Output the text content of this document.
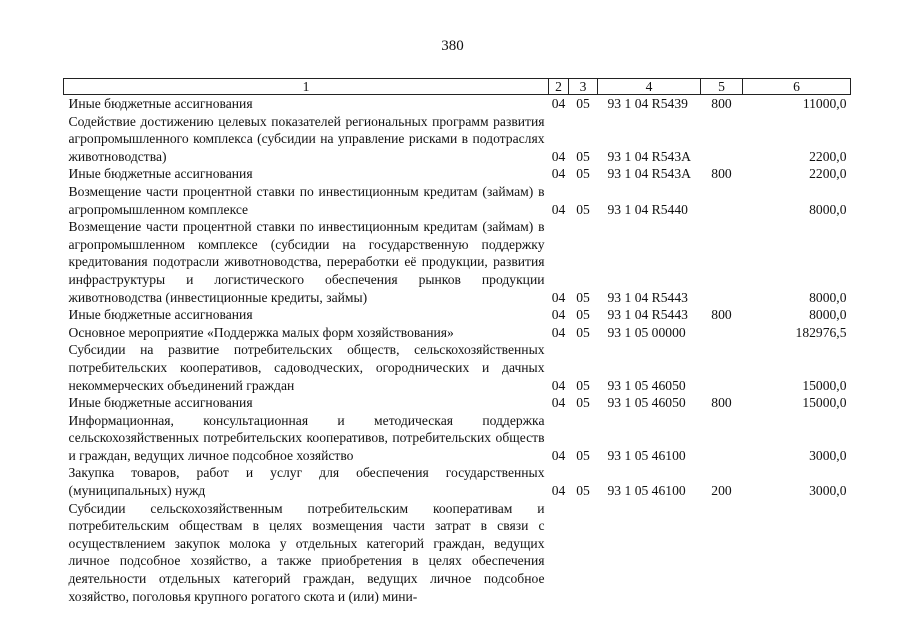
380
1	2	3	4	5	6
Иные бюджетные ассигнования	04	05	93 1 04 R5439	800	11000,0
Содействие достижению целевых показателей региональных программ развития агропромышленного комплекса (субсидии на управление рисками в подотраслях животноводства)	04	05	93 1 04 R543A		2200,0
Иные бюджетные ассигнования	04	05	93 1 04 R543A	800	2200,0
Возмещение части процентной ставки по инвестиционным кредитам (займам) в агропромышленном комплексе	04	05	93 1 04 R5440		8000,0
Возмещение части процентной ставки по инвестиционным кредитам (займам) в агропромышленном комплексе (субсидии на государственную поддержку кредитования подотрасли животноводства, переработки её продукции, развития инфраструктуры и логистического обеспечения рынков продукции животноводства (инвестиционные кредиты, займы)	04	05	93 1 04 R5443		8000,0
Иные бюджетные ассигнования	04	05	93 1 04 R5443	800	8000,0
Основное мероприятие «Поддержка малых форм хозяйствования»	04	05	93 1 05 00000		182976,5
Субсидии на развитие потребительских обществ, сельскохозяйственных потребительских кооперативов, садоводческих, огороднических и дачных некоммерческих объединений граждан	04	05	93 1 05 46050		15000,0
Иные бюджетные ассигнования	04	05	93 1 05 46050	800	15000,0
Информационная, консультационная и методическая поддержка сельскохозяйственных потребительских кооперативов, потребительских обществ и граждан, ведущих личное подсобное хозяйство	04	05	93 1 05 46100		3000,0
Закупка товаров, работ и услуг для обеспечения государственных (муниципальных) нужд	04	05	93 1 05 46100	200	3000,0
Субсидии сельскохозяйственным потребительским кооперативам и потребительским обществам в целях возмещения части затрат в связи с осуществлением закупок молока у отдельных категорий граждан, ведущих личное подсобное хозяйство, а также приобретения в целях обеспечения деятельности отдельных категорий граждан, ведущих личное подсобное хозяйство, поголовья крупного рогатого скота и (или) мини-					
